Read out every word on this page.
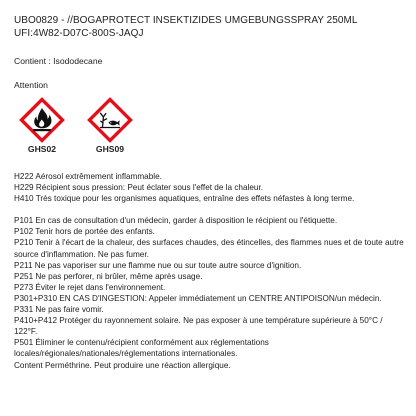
UBO0829 - //BOGAPROTECT INSEKTIZIDES UMGEBUNGSSPRAY 250ML
UFI:4W82-D07C-800S-JAQJ
Contient : Isododecane
Attention
GHS02	GHS09
H222 Aérosol extrêmement inflammable.
H229 Récipient sous pression: Peut éclater sous l'effet de la chaleur.
H410 Très toxique pour les organismes aquatiques, entraîne des effets néfastes à long terme.
P101 En cas de consultation d'un médecin, garder à disposition le récipient ou l'étiquette.
P102 Tenir hors de portée des enfants.
P210 Tenir à l'écart de la chaleur, des surfaces chaudes, des étincelles, des flammes nues et de toute autre source d'inflammation. Ne pas fumer.
P211 Ne pas vaporiser sur une flamme nue ou sur toute autre source d'ignition.
P251 Ne pas perforer, ni brûler, même après usage.
P273 Éviter le rejet dans l'environnement.
P301+P310 EN CAS D'INGESTION: Appeler immédiatement un CENTRE ANTIPOISON/un médecin.
P331 Ne pas faire vomir.
P410+P412 Protéger du rayonnement solaire. Ne pas exposer à une température supérieure à 50°C / 122°F.
P501 Éliminer le contenu/récipient conformément aux réglementations locales/régionales/nationales/réglementations internationales.
Content Perméthrine. Peut produire une réaction allergique.
